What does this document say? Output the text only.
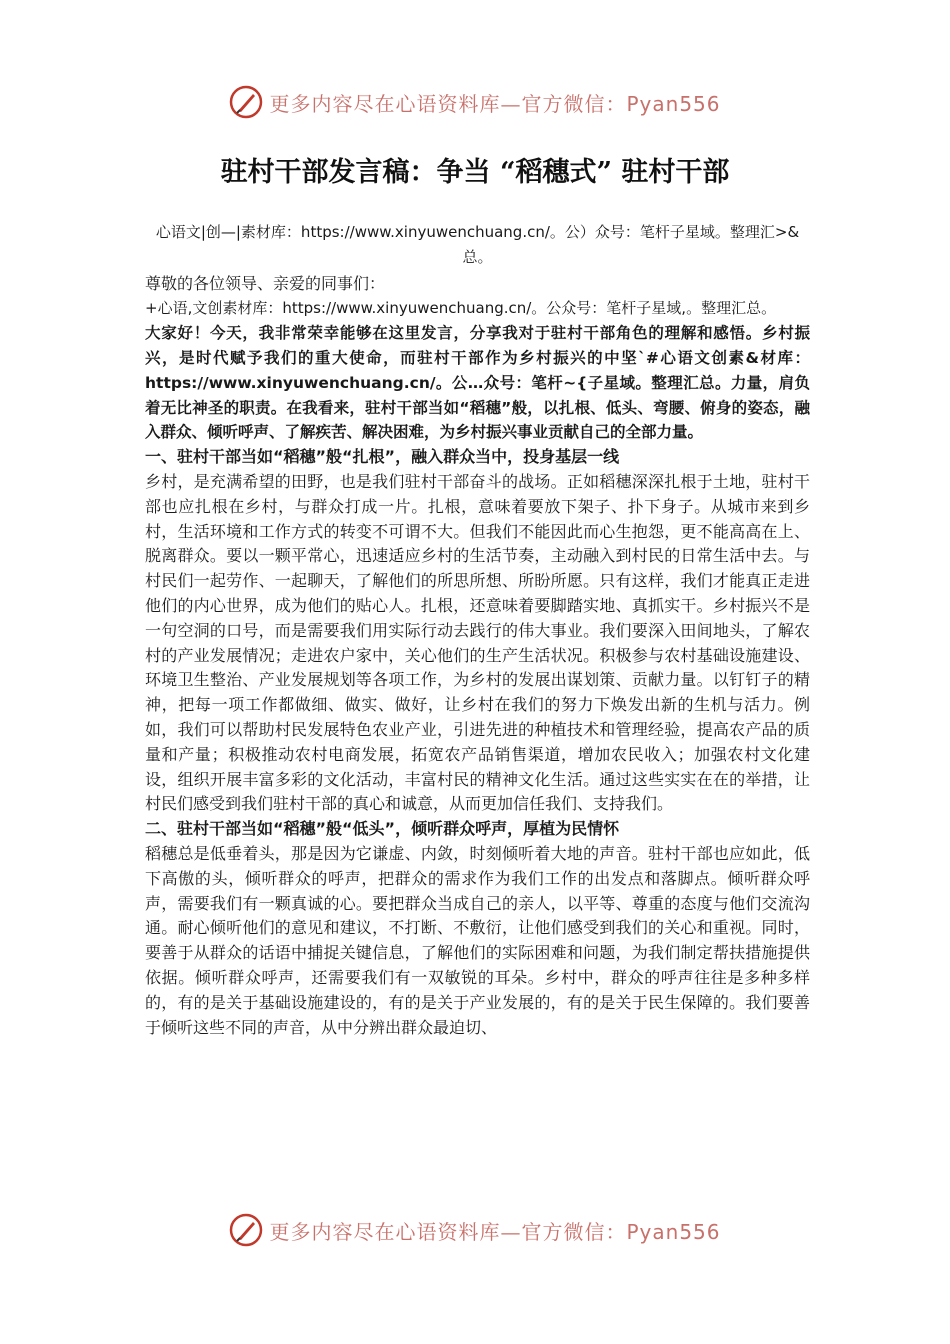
更多内容尽在心语资料库—官方微信：Pyan556
驻村干部发言稿：争当 “稻穗式” 驻村干部

心语文|创—|素材库：https://www.xinyuwenchuang.cn/。公）众号：笔杆子星域。整理汇>&总。

尊敬的各位领导、亲爱的同事们：

+心语,文创素材库：https://www.xinyuwenchuang.cn/。公众号：笔杆子星域,。整理汇总。

大家好！今天，我非常荣幸能够在这里发言，分享我对于驻村干部角色的理解和感悟。乡村振兴，是时代赋予我们的重大使命，而驻村干部作为乡村振兴的中坚`#心语文创素&材库：https://www.xinyuwenchuang.cn/。公…众号：笔杆~{子星域。整理汇总。力量，肩负着无比神圣的职责。在我看来，驻村干部当如“稻穗”般，以扎根、低头、弯腰、俯身的姿态，融入群众、倾听呼声、了解疾苦、解决困难，为乡村振兴事业贡献自己的全部力量。

一、驻村干部当如“稻穗”般“扎根”，融入群众当中，投身基层一线

乡村，是充满希望的田野，也是我们驻村干部奋斗的战场。正如稻穗深深扎根于土地，驻村干部也应扎根在乡村，与群众打成一片。扎根，意味着要放下架子、扑下身子。从城市来到乡村，生活环境和工作方式的转变不可谓不大。但我们不能因此而心生抱怨，更不能高高在上、脱离群众。要以一颗平常心，迅速适应乡村的生活节奏，主动融入到村民的日常生活中去。与村民们一起劳作、一起聊天，了解他们的所思所想、所盼所愿。只有这样，我们才能真正走进他们的内心世界，成为他们的贴心人。扎根，还意味着要脚踏实地、真抓实干。乡村振兴不是一句空洞的口号，而是需要我们用实际行动去践行的伟大事业。我们要深入田间地头，了解农村的产业发展情况；走进农户家中，关心他们的生产生活状况。积极参与农村基础设施建设、环境卫生整治、产业发展规划等各项工作，为乡村的发展出谋划策、贡献力量。以钉钉子的精神，把每一项工作都做细、做实、做好，让乡村在我们的努力下焕发出新的生机与活力。例如，我们可以帮助村民发展特色农业产业，引进先进的种植技术和管理经验，提高农产品的质量和产量；积极推动农村电商发展，拓宽农产品销售渠道，增加农民收入；加强农村文化建设，组织开展丰富多彩的文化活动，丰富村民的精神文化生活。通过这些实实在在的举措，让村民们感受到我们驻村干部的真心和诚意，从而更加信任我们、支持我们。

二、驻村干部当如“稻穗”般“低头”，倾听群众呼声，厚植为民情怀

稻穗总是低垂着头，那是因为它谦虚、内敛，时刻倾听着大地的声音。驻村干部也应如此，低下高傲的头，倾听群众的呼声，把群众的需求作为我们工作的出发点和落脚点。倾听群众呼声，需要我们有一颗真诚的心。要把群众当成自己的亲人，以平等、尊重的态度与他们交流沟通。耐心倾听他们的意见和建议，不打断、不敷衍，让他们感受到我们的关心和重视。同时，要善于从群众的话语中捕捉关键信息，了解他们的实际困难和问题，为我们制定帮扶措施提供依据。倾听群众呼声，还需要我们有一双敏锐的耳朵。乡村中，群众的呼声往往是多种多样的，有的是关于基础设施建设的，有的是关于产业发展的，有的是关于民生保障的。我们要善于倾听这些不同的声音，从中分辨出群众最迫切、

更多内容尽在心语资料库—官方微信：Pyan556
